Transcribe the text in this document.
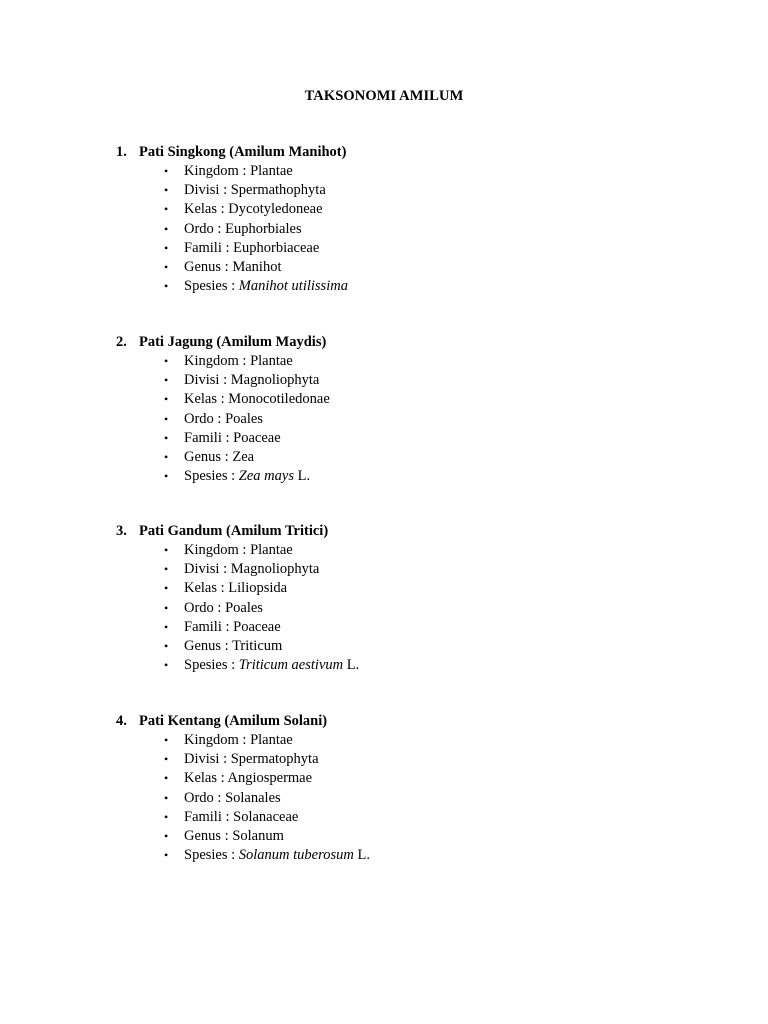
TAKSONOMI AMILUM
1. Pati Singkong (Amilum Manihot)
• Kingdom : Plantae
• Divisi : Spermathophyta
• Kelas : Dycotyledoneae
• Ordo : Euphorbiales
• Famili : Euphorbiaceae
• Genus : Manihot
• Spesies : Manihot utilissima
2. Pati Jagung (Amilum Maydis)
• Kingdom : Plantae
• Divisi : Magnoliophyta
• Kelas : Monocotiledonae
• Ordo : Poales
• Famili : Poaceae
• Genus : Zea
• Spesies : Zea mays L.
3. Pati Gandum (Amilum Tritici)
• Kingdom : Plantae
• Divisi : Magnoliophyta
• Kelas : Liliopsida
• Ordo : Poales
• Famili : Poaceae
• Genus : Triticum
• Spesies : Triticum aestivum L.
4. Pati Kentang (Amilum Solani)
• Kingdom : Plantae
• Divisi : Spermatophyta
• Kelas : Angiospermae
• Ordo : Solanales
• Famili : Solanaceae
• Genus : Solanum
• Spesies : Solanum tuberosum L.
